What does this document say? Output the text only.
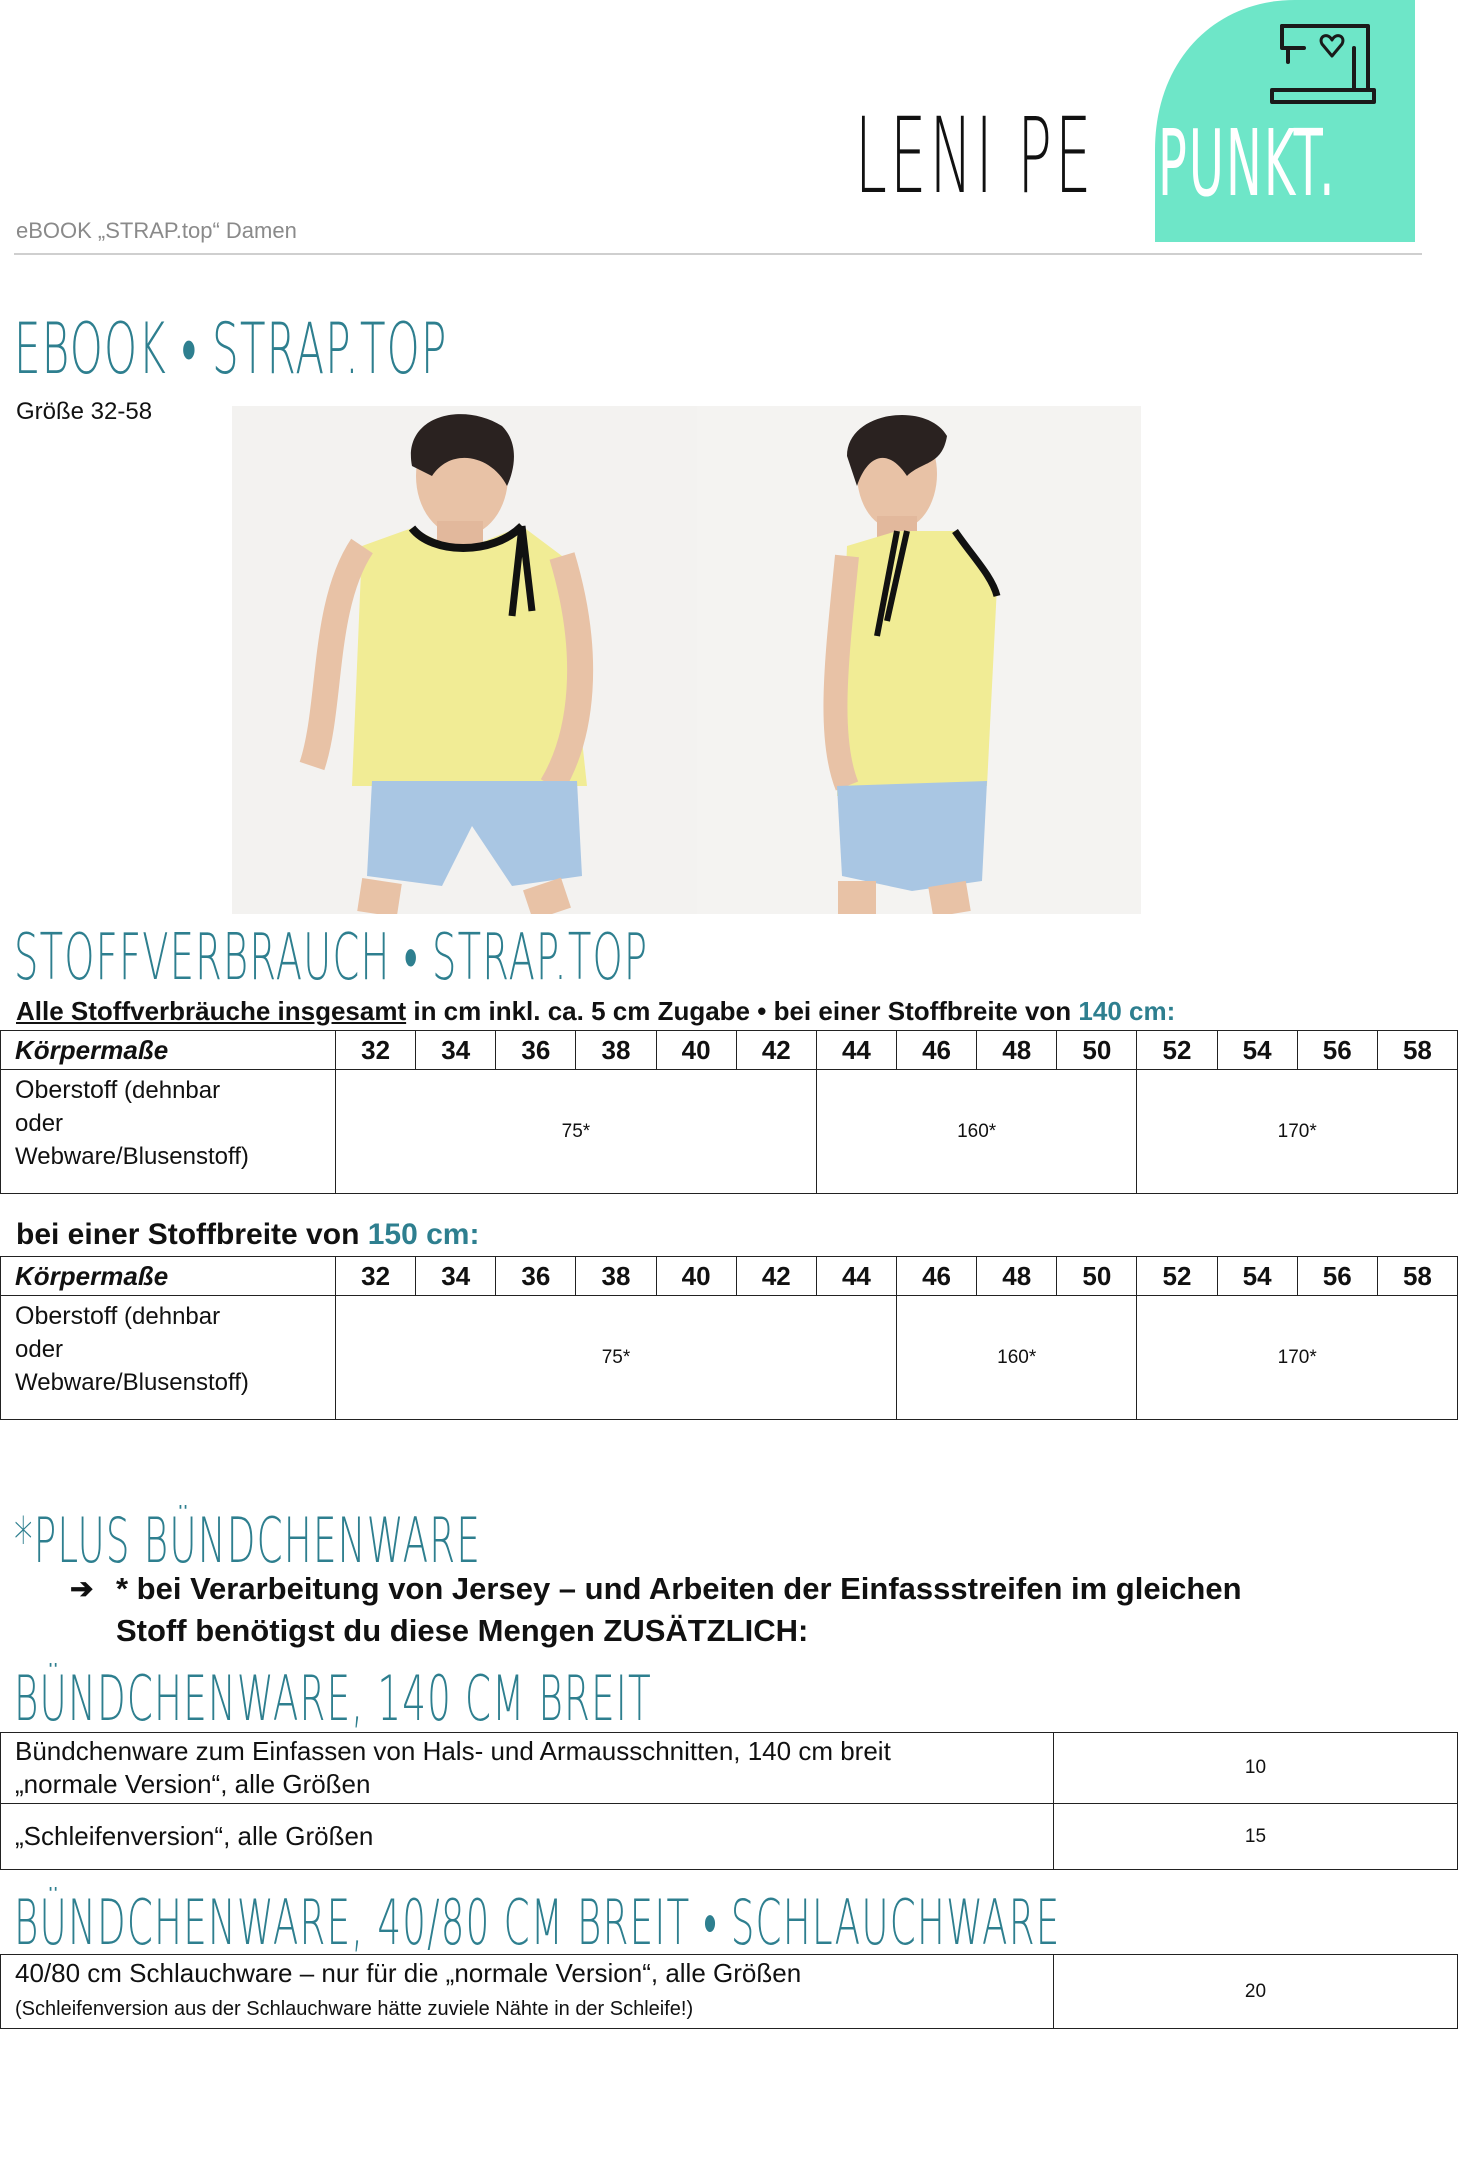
LENI PE PUNKT.
eBOOK „STRAP.top“ Damen
EBOOK • STRAP.TOP
Größe 32-58
STOFFVERBRAUCH • STRAP.TOP
Alle Stoffverbräuche insgesamt in cm inkl. ca. 5 cm Zugabe • bei einer Stoffbreite von 140 cm:
Körpermaße	32	34	36	38	40	42	44	46	48	50	52	54	56	58
Oberstoff (dehnbar
oder
Webware/Blusenstoff)	75*						160*				170*			
bei einer Stoffbreite von 150 cm:
Körpermaße	32	34	36	38	40	42	44	46	48	50	52	54	56	58
Oberstoff (dehnbar
oder
Webware/Blusenstoff)	75*							160*			170*			
*PLUS BÜNDCHENWARE
➔ * bei Verarbeitung von Jersey – und Arbeiten der Einfassstreifen im gleichen
Stoff benötigst du diese Mengen ZUSÄTZLICH:
BÜNDCHENWARE, 140 CM BREIT
Bündchenware zum Einfassen von Hals- und Armausschnitten, 140 cm breit
„normale Version“, alle Größen	10
„Schleifenversion“, alle Größen	15
BÜNDCHENWARE, 40/80 CM BREIT • SCHLAUCHWARE
40/80 cm Schlauchware – nur für die „normale Version“, alle Größen
(Schleifenversion aus der Schlauchware hätte zuviele Nähte in der Schleife!)	20
